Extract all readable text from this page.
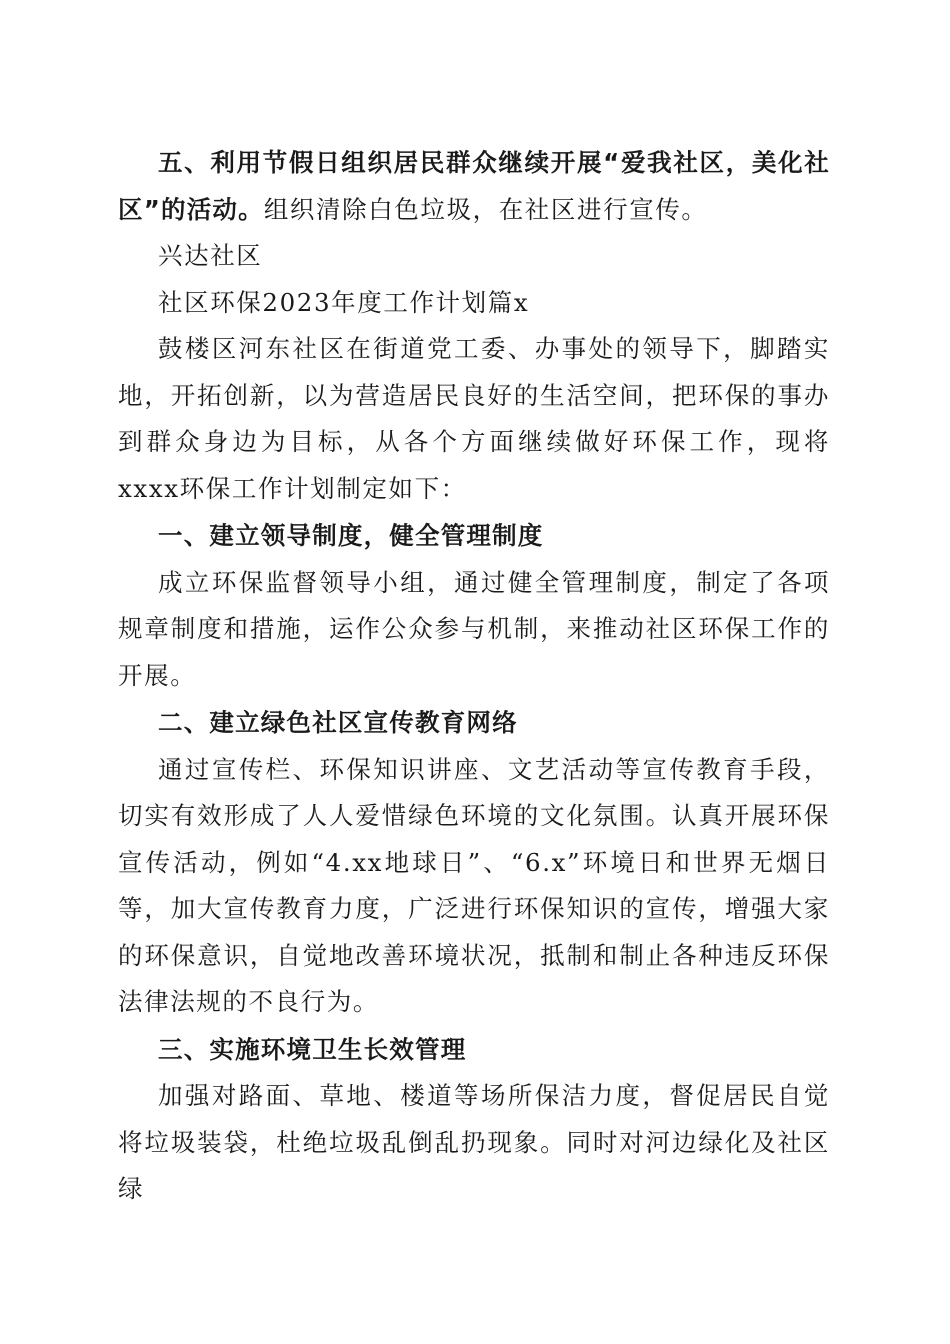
五、利用节假日组织居民群众继续开展“爱我社区，美化社区”的活动。组织清除白色垃圾，在社区进行宣传。

兴达社区

社区环保2023年度工作计划篇x

鼓楼区河东社区在街道党工委、办事处的领导下，脚踏实地，开拓创新，以为营造居民良好的生活空间，把环保的事办到群众身边为目标，从各个方面继续做好环保工作，现将xxxx环保工作计划制定如下：

一、建立领导制度，健全管理制度

成立环保监督领导小组，通过健全管理制度，制定了各项规章制度和措施，运作公众参与机制，来推动社区环保工作的开展。

二、建立绿色社区宣传教育网络

通过宣传栏、环保知识讲座、文艺活动等宣传教育手段，切实有效形成了人人爱惜绿色环境的文化氛围。认真开展环保宣传活动，例如“4.xx地球日”、“6.x”环境日和世界无烟日等，加大宣传教育力度，广泛进行环保知识的宣传，增强大家的环保意识，自觉地改善环境状况，抵制和制止各种违反环保法律法规的不良行为。

三、实施环境卫生长效管理

加强对路面、草地、楼道等场所保洁力度，督促居民自觉将垃圾装袋，杜绝垃圾乱倒乱扔现象。同时对河边绿化及社区绿
